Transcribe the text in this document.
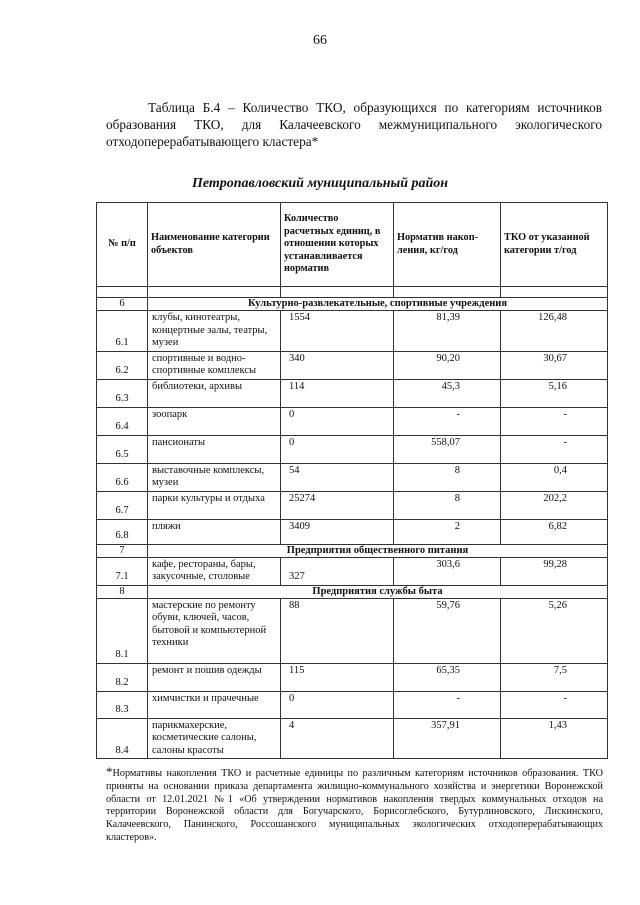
66
Таблица Б.4 – Количество ТКО, образующихся по категориям источников
образования ТКО, для Калачеевского межмуниципального экологического
отходоперерабатывающего кластера*
Петропавловский муниципальный район
№ п/п	Наименование категории объектов	Количество расчетных единиц, в отношении которых устанавливается норматив	Норматив накоп-ления, кг/год	ТКО от указанной категории т/год

6	Культурно-развлекательные, спортивные учреждения			
6.1	клубы, кинотеатры, концертные залы, театры, музеи	1554	81,39	126,48
6.2	спортивные и водно-спортивные комплексы	340	90,20	30,67
6.3	библиотеки, архивы	114	45,3	5,16
6.4	зоопарк	0	-	-
6.5	пансионаты	0	558,07	-
6.6	выставочные комплексы, музеи	54	8	0,4
6.7	парки культуры и отдыха	25274	8	202,2
6.8	пляжи	3409	2	6,82
7	Предприятия общественного питания			
7.1	кафе, рестораны, бары, закусочные, столовые	327	303,6	99,28
8	Предприятия службы быта			
8.1	мастерские по ремонту обуви, ключей, часов, бытовой и компьютерной техники	88	59,76	5,26
8.2	ремонт и пошив одежды	115	65,35	7,5
8.3	химчистки и прачечные	0	-	-
8.4	парикмахерские, косметические салоны, салоны красоты	4	357,91	1,43
*Нормативы накопления ТКО и расчетные единицы по различным категориям источников образования. ТКО приняты на основании приказа департамента жилищно-коммунального хозяйства и энергетики Воронежской области от 12.01.2021 №1 «Об утверждении нормативов накопления твердых коммунальных отходов на территории Воронежской области для Богучарского, Борисоглебского, Бутурлиновского, Лискинского, Калачеевского, Панинского, Россошанского муниципальных экологических отходоперерабатывающих кластеров».
